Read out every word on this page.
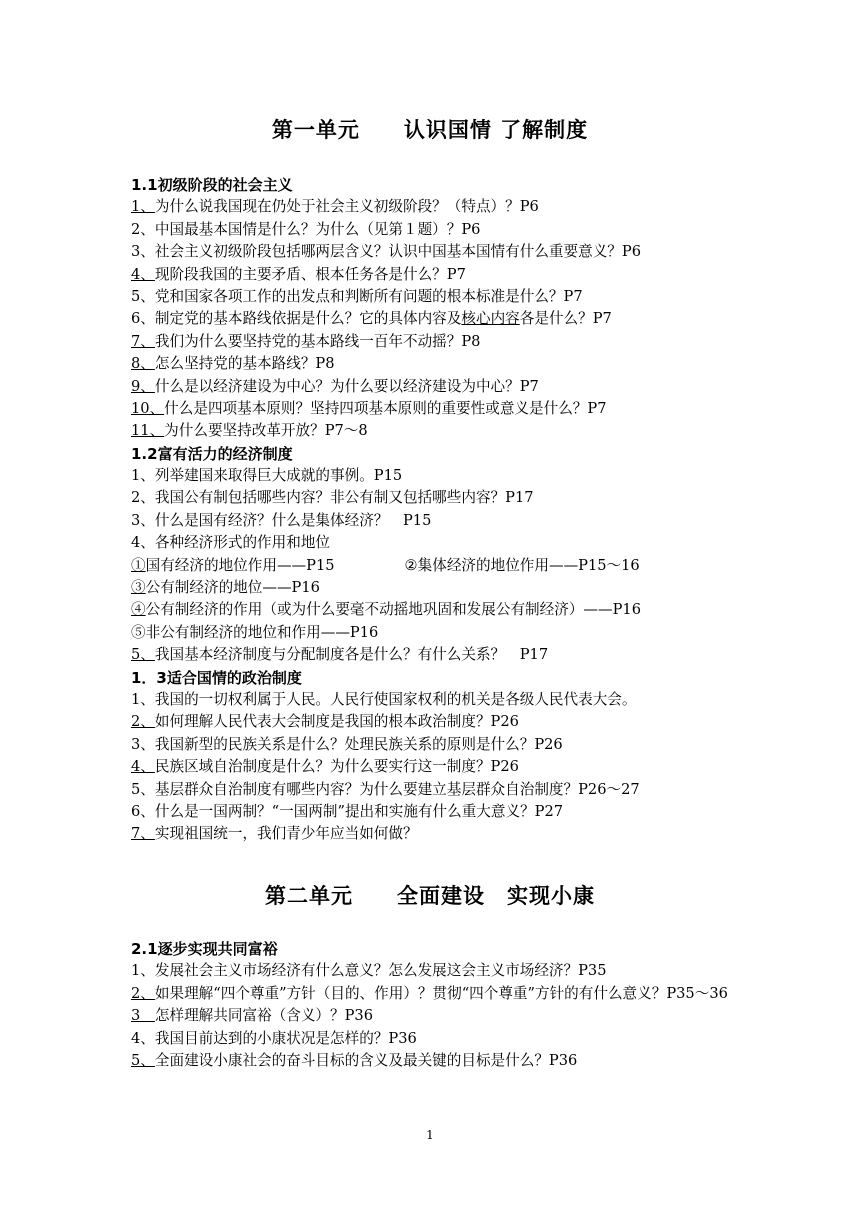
第一单元　　认识国情 了解制度
1.1初级阶段的社会主义
1、为什么说我国现在仍处于社会主义初级阶段？（特点）？P6
2、中国最基本国情是什么？为什么（见第１题）？P6
3、社会主义初级阶段包括哪两层含义？认识中国基本国情有什么重要意义？P6
4、现阶段我国的主要矛盾、根本任务各是什么？P7
5、党和国家各项工作的出发点和判断所有问题的根本标准是什么？P7
6、制定党的基本路线依据是什么？它的具体内容及核心内容各是什么？P7
7、我们为什么要坚持党的基本路线一百年不动摇？P8
8、怎么坚持党的基本路线？P8
9、什么是以经济建设为中心？为什么要以经济建设为中心？P7
10、什么是四项基本原则？坚持四项基本原则的重要性或意义是什么？P7
11、为什么要坚持改革开放？P7～8
1.2富有活力的经济制度
1、列举建国来取得巨大成就的事例。P15
2、我国公有制包括哪些内容？非公有制又包括哪些内容？P17
3、什么是国有经济？什么是集体经济？　P15
4、各种经济形式的作用和地位
①国有经济的地位作用——P15	②集体经济的地位作用——P15～16
③公有制经济的地位——P16
④公有制经济的作用（或为什么要毫不动摇地巩固和发展公有制经济）——P16
⑤非公有制经济的地位和作用——P16
5、我国基本经济制度与分配制度各是什么？有什么关系？　P17
1．3适合国情的政治制度
1、我国的一切权利属于人民。人民行使国家权利的机关是各级人民代表大会。
2、如何理解人民代表大会制度是我国的根本政治制度？P26
3、我国新型的民族关系是什么？处理民族关系的原则是什么？P26
4、民族区域自治制度是什么？为什么要实行这一制度？P26
5、基层群众自治制度有哪些内容？为什么要建立基层群众自治制度？P26～27
6、什么是一国两制？“一国两制”提出和实施有什么重大意义？P27
7、实现祖国统一，我们青少年应当如何做？
第二单元　　全面建设　实现小康
2.1逐步实现共同富裕
1、发展社会主义市场经济有什么意义？怎么发展这会主义市场经济？P35
2、如果理解“四个尊重”方针（目的、作用）？贯彻“四个尊重”方针的有什么意义？P35～36
3　怎样理解共同富裕（含义）？P36
4、我国目前达到的小康状况是怎样的？P36
5、全面建设小康社会的奋斗目标的含义及最关键的目标是什么？P36
1
